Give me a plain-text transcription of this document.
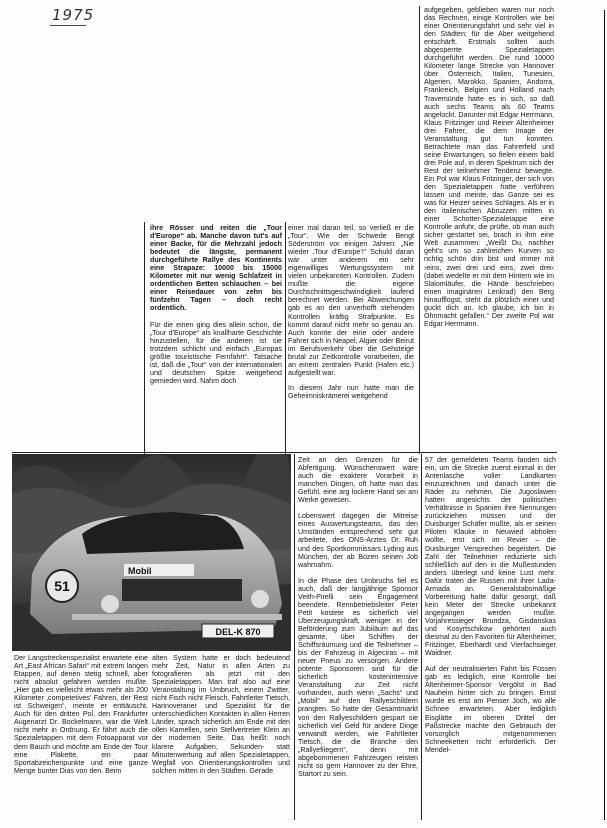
1975
ihre Rösser und reiten die „Tour d'Europe“ ab. Manche davon tut's auf einer Backe, für die Mehrzahl jedoch bedeutet die längste, permanent durchgeführte Rallye des Kontinents eine Strapaze: 10000 bis 15000 Kilometer mit nur wenig Schlafzeit in ordentlichen Betten schlauchen – bei einer Reisedauer von zehn bis fünfzehn Tagen – doch recht ordentlich.
Für die einen ging dies allein schon, die „Tour d'Europe“ als knallharte Geschichte hinzustellen, für die anderen ist sie trotzdem schlicht und einfach „Europas größte touristische Fernfahrt“. Tatsache ist, daß die „Tour“ von der internationalen und deutschen Spitze weitgehend gemieden wird. Nahm doch
einer mal daran teil, so verließ er die „Tour“. Wie der Schwede Bengt Söderström vor einigen Jahren: „Nie wieder ‚Tour d'Europe‘!“ Schuld daran war unter anderem ein sehr eigenwilliges Wertungssystem mit vielen unbekannten Kontrollen. Zudem mußte die eigene Durchschnittsgeschwindigkeit laufend berechnet werden. Bei Abweichungen gab es an den unverhofft stehenden Kontrollen kräftig Strafpunkte. Es kommt darauf nicht mehr so genau an. Auch konnte der eine oder andere Fahrer sich in Neapel, Algier oder Beirut im Berufsverkehr über die Gehsteige brutal zur Zeitkontrolle vorarbeiten, die an einem zentralen Punkt (Hafen etc.) aufgestellt war.
In diesem Jahr nun hatte man die Geheimniskrämerei weitgehend
aufgegeben, geblieben waren nur noch das Rechnen, einige Kontrollen wie bei einer Orientierungsfahrt und sehr viel in den Städten; für die Aber weitgehend entschärft. Erstmals sollten auch abgesperrte Spezialetappen durchgeführt werden. Die rund 10000 Kilometer lange Strecke von Hannover über Österreich, Italien, Tunesien, Algerien, Marokko, Spanien, Andorra, Frankreich, Belgien und Holland nach Travemünde hatte es in sich, so daß auch sechs Teams als 60 Teams angelockt. Darunter mit Edgar Herrmann, Klaus Fritzinger und Reiner Altenheimer drei Fahrer, die dem Image der Veranstaltung gut tun konnten. Betrachtete man das Fahrerfeld und seine Erwartungen, so fielen einem bald drei Pole auf, in deren Spektrum sich der Rest der teilnehmer Tendenz bewegte. Ein Pol war Klaus Fritzinger, der sich von den Spezialetappen hatte verführen lassen und meinte, das Ganze sei es was für Heizer seines Schlages. Als er in den italienischen Abruzzen mitten in einer Schotter-Spezialetappe eine Kontrolle anfuhr, die prüfte, ob man auch sicher gestartet sei, brach in ihm eine Welt zusammen: „Weißt Du, nachher geht's um so zahlreichen Kurven so richtig schön drin bist und immer mit ›eins, zwei drei und eins, zwei drei‹ (dabei wedelte er mit dem Hintern wie im Slalomläufer, die Hände beschrieben einen imaginären Lenkrad) den Berg hinaufflogst, steht da plötzlich einer und guckt dich an. Ich glaube, ich bin in Ohnmacht gefallen.“ Der zweite Pol war Edgar Herrmann.
51
Mobil
DEL-K 870
Zeit an den Grenzen für die Abfertigung. Wünschenswert wäre auch die exaktere Vorarbeit in manchen Dingen, oft hatte man das Gefühl, eine arg lockere Hand sei am Werke gewesen.

Lobenswert dagegen die Mitreise eines Auswertungsteams, das den Umständen entsprechend sehr gut arbeitete, des ONS-Arztes Dr. Ruh und des Sportkommissars Lyding aus München, der ab Bozen seinen Job wahrnahm.

In die Phase des Umbruchs fiel es auch, daß der langjährige Sponsor Veith-Pirelli sein Engagement beendete. Rennbetriebsleiter Peter Petit kostete es sicherlich viel Überzeugungskraft, weniger in der Beförderung zum Jubiläum auf das gesamte, über Schiffen der Schiffsräumung und die Teilnehmer – bis der Fahrzeug in Algeciras – mit neuer Pneus zu versorgen. Andere potente Sponsoren sind für die sicherlich kostenintensive Veranstaltung zur Zeit nicht vorhanden, auch wenn „Sachs“ und „Mobil“ auf den Rallyeschildern prangten. So hatte der Gesamtmarkt von den Rallyeschildern gespart sie sicherlich viel Geld für andere Dinge verwandt werden, wie Fahrtleiter Tietsch, die die Branche den „Rallyefilegern“, denn mit abgebommenen Fahrzeugen reisten nicht so gern Hannover zu der Ehre, Startort zu sein.
57 der gemeldeten Teams fanden sich ein, um die Strecke zuerst einmal in der Antenlasche voller Landkarten einzuzeichnen und danach unter die Räder zu nehmen. Die Jugoslawen hatten angesichts der politischen Verhältnisse in Spanien ihre Nennungen zurückziehen müssen und der Duisburger Schäfer mußte, als er seinen Piloten Klauke in Neuwied abholen wollte, erst sich im Revier – die Duisburger Versprechen begeistert. Die Zahl der Teilnehmer reduzierte sich schließlich auf den in die Mußestunden anders überlegt und keine Lust mehr. Dafür traten die Russen mit ihrer Lada-Armada an. Generalstabsmäßige Vorbereitung hatte dafür gesorgt, daß kein Meter der Strecke unbekannt angegangen werden mußte. Vorjahressieger Brundza, Gisdanskas und Kosyrtschikow gehörten auch diesmal zu den Favoriten für Altenheimer, Fritzinger, Eberhardt und Vierfachsieger Waidner.

Auf der neutralisierten Fahrt bis Füssen gab es lediglich, eine Kontrolle bei Altenheimer-Sponsor Vergölst in Bad Nauheim hinter sich zu bringen. Ernst wurde es erst am Penser Joch, wo alle Schnee erwarteten. Aber lediglich Eisglätte im oberen Drittel der Paßstrecke machte den Gebrauch der vorsorglich mitgenommenen Schneeketten nicht erforderlich. Der Mendel-
Der Langstreckenspezialist erwartete eine Art „East African Safari“ mit extrem langen Etappen, auf denen stetig schnell, aber nicht absolut gefahren werden mußte. „Hier gab es vielleicht etwas mehr als 200 Kilometer ‚competetives' Fahren, der Rest ist Schweigen“, meinte er enttäuscht. Auch für den dritten Pol, den Frankfurter Augenarzt Dr. Bockelmann, war die Welt nicht mehr in Ordnung. Er fährt auch die Spezialetappen mit dem Fotoapparat vor dem Bauch und möchte am Ende der Tour eine Plakette, ein paar Sportabzeichenpunkte und eine ganze Menge bunter Dias von den. Beim
alten System hatte er doch bedeutend mehr Zeit, Natur in allen Arten zu fotografieren als jetzt mit den Spezialetappen. Man traf also auf eine Veranstaltung im Umbruch, einem Zwitter, nicht Fisch nicht Fleisch. Fahrtleiter Tietsch, Hannoveraner und Spezialist für die unterschiedlichen Kontakten in allen Herren Länder, sprach sicherlich am Ende mit den ollen Kamellen, sein Stellvertreter Klein an der modernen Seite. Das heißt: noch klarere Aufgaben, Sekunden- statt Minutenwertung auf allen Spezialetappen, Wegfall von Orientierungskontrollen und solchen mitten in den Städten. Gerade
